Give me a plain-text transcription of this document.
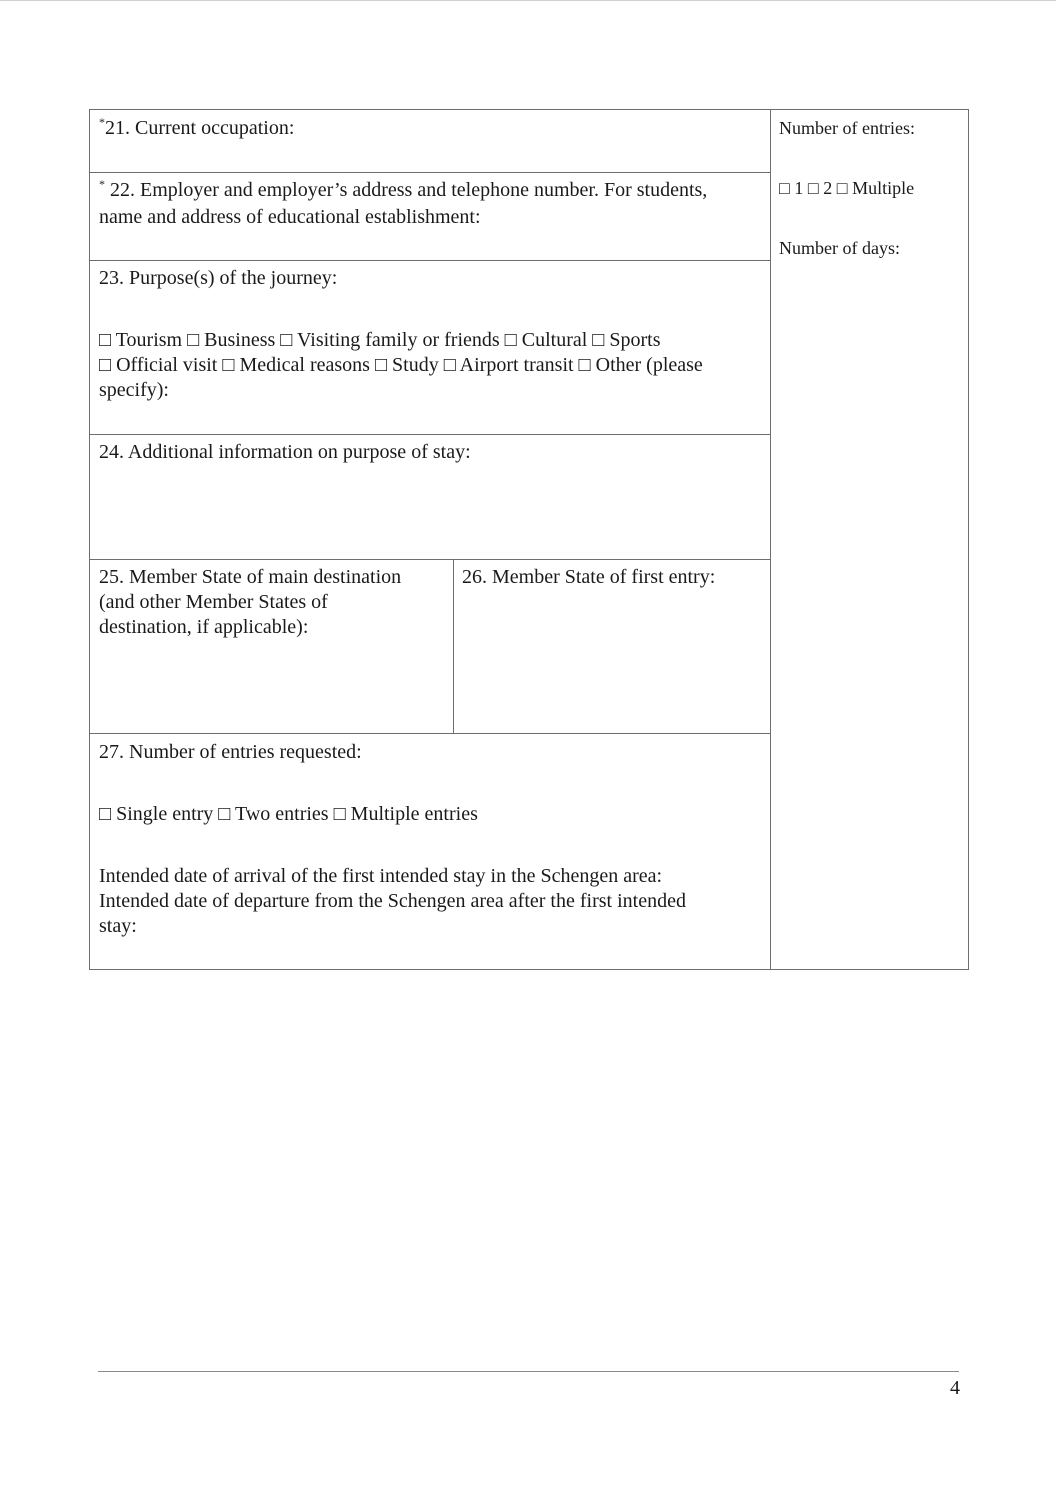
*21. Current occupation:
* 22. Employer and employer’s address and telephone number. For students,
name and address of educational establishment:
23. Purpose(s) of the journey:
□ Tourism □ Business □ Visiting family or friends □ Cultural □ Sports
□ Official visit □ Medical reasons □ Study □ Airport transit □ Other (please
specify):
24. Additional information on purpose of stay:
25. Member State of main destination
(and other Member States of
destination, if applicable):
26. Member State of first entry:
27. Number of entries requested:
□ Single entry □ Two entries □ Multiple entries
Intended date of arrival of the first intended stay in the Schengen area:
Intended date of departure from the Schengen area after the first intended
stay:
Number of entries:
□ 1 □ 2 □ Multiple
Number of days:
4
